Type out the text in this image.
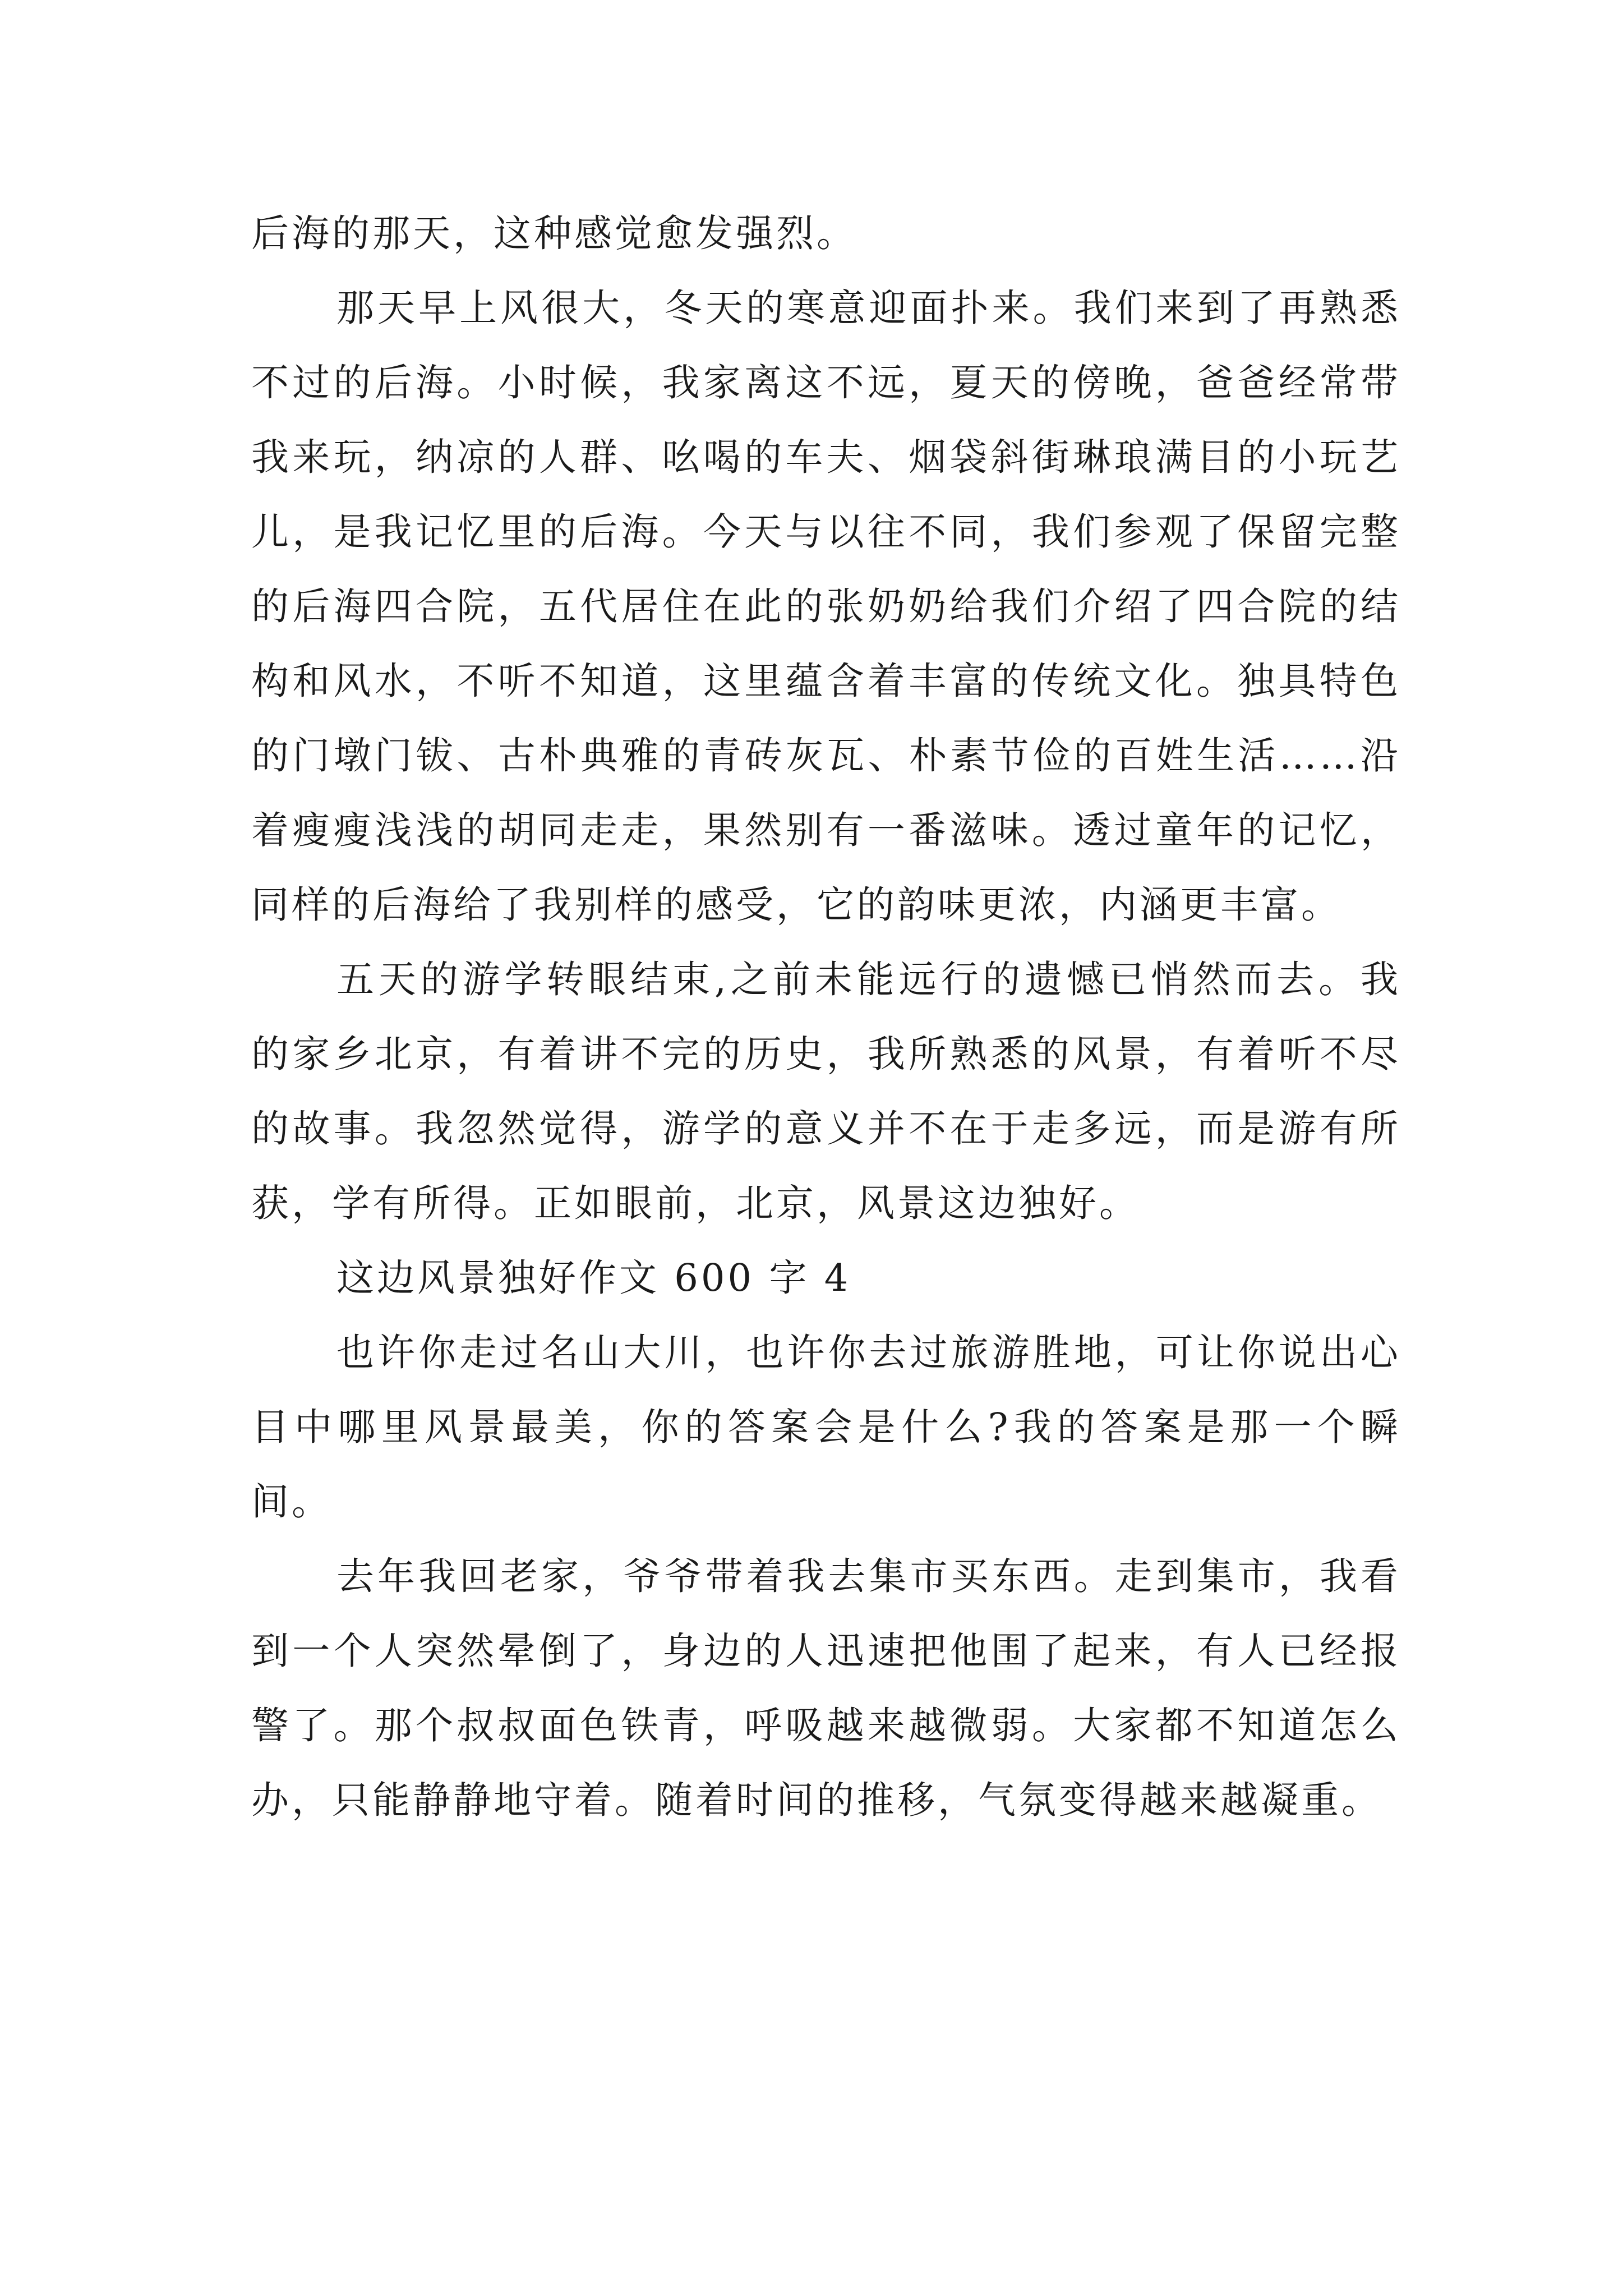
后海的那天，这种感觉愈发强烈。

那天早上风很大，冬天的寒意迎面扑来。我们来到了再熟悉不过的后海。小时候，我家离这不远，夏天的傍晚，爸爸经常带我来玩，纳凉的人群、吆喝的车夫、烟袋斜街琳琅满目的小玩艺儿，是我记忆里的后海。今天与以往不同，我们参观了保留完整的后海四合院，五代居住在此的张奶奶给我们介绍了四合院的结构和风水，不听不知道，这里蕴含着丰富的传统文化。独具特色的门墩门钹、古朴典雅的青砖灰瓦、朴素节俭的百姓生活……沿着瘦瘦浅浅的胡同走走，果然别有一番滋味。透过童年的记忆，同样的后海给了我别样的感受，它的韵味更浓，内涵更丰富。

五天的游学转眼结束,之前未能远行的遗憾已悄然而去。我的家乡北京，有着讲不完的历史，我所熟悉的风景，有着听不尽的故事。我忽然觉得，游学的意义并不在于走多远，而是游有所获，学有所得。正如眼前，北京，风景这边独好。

这边风景独好作文 600 字 4

也许你走过名山大川，也许你去过旅游胜地，可让你说出心目中哪里风景最美，你的答案会是什么?我的答案是那一个瞬间。

去年我回老家，爷爷带着我去集市买东西。走到集市，我看到一个人突然晕倒了，身边的人迅速把他围了起来，有人已经报警了。那个叔叔面色铁青，呼吸越来越微弱。大家都不知道怎么办，只能静静地守着。随着时间的推移，气氛变得越来越凝重。
